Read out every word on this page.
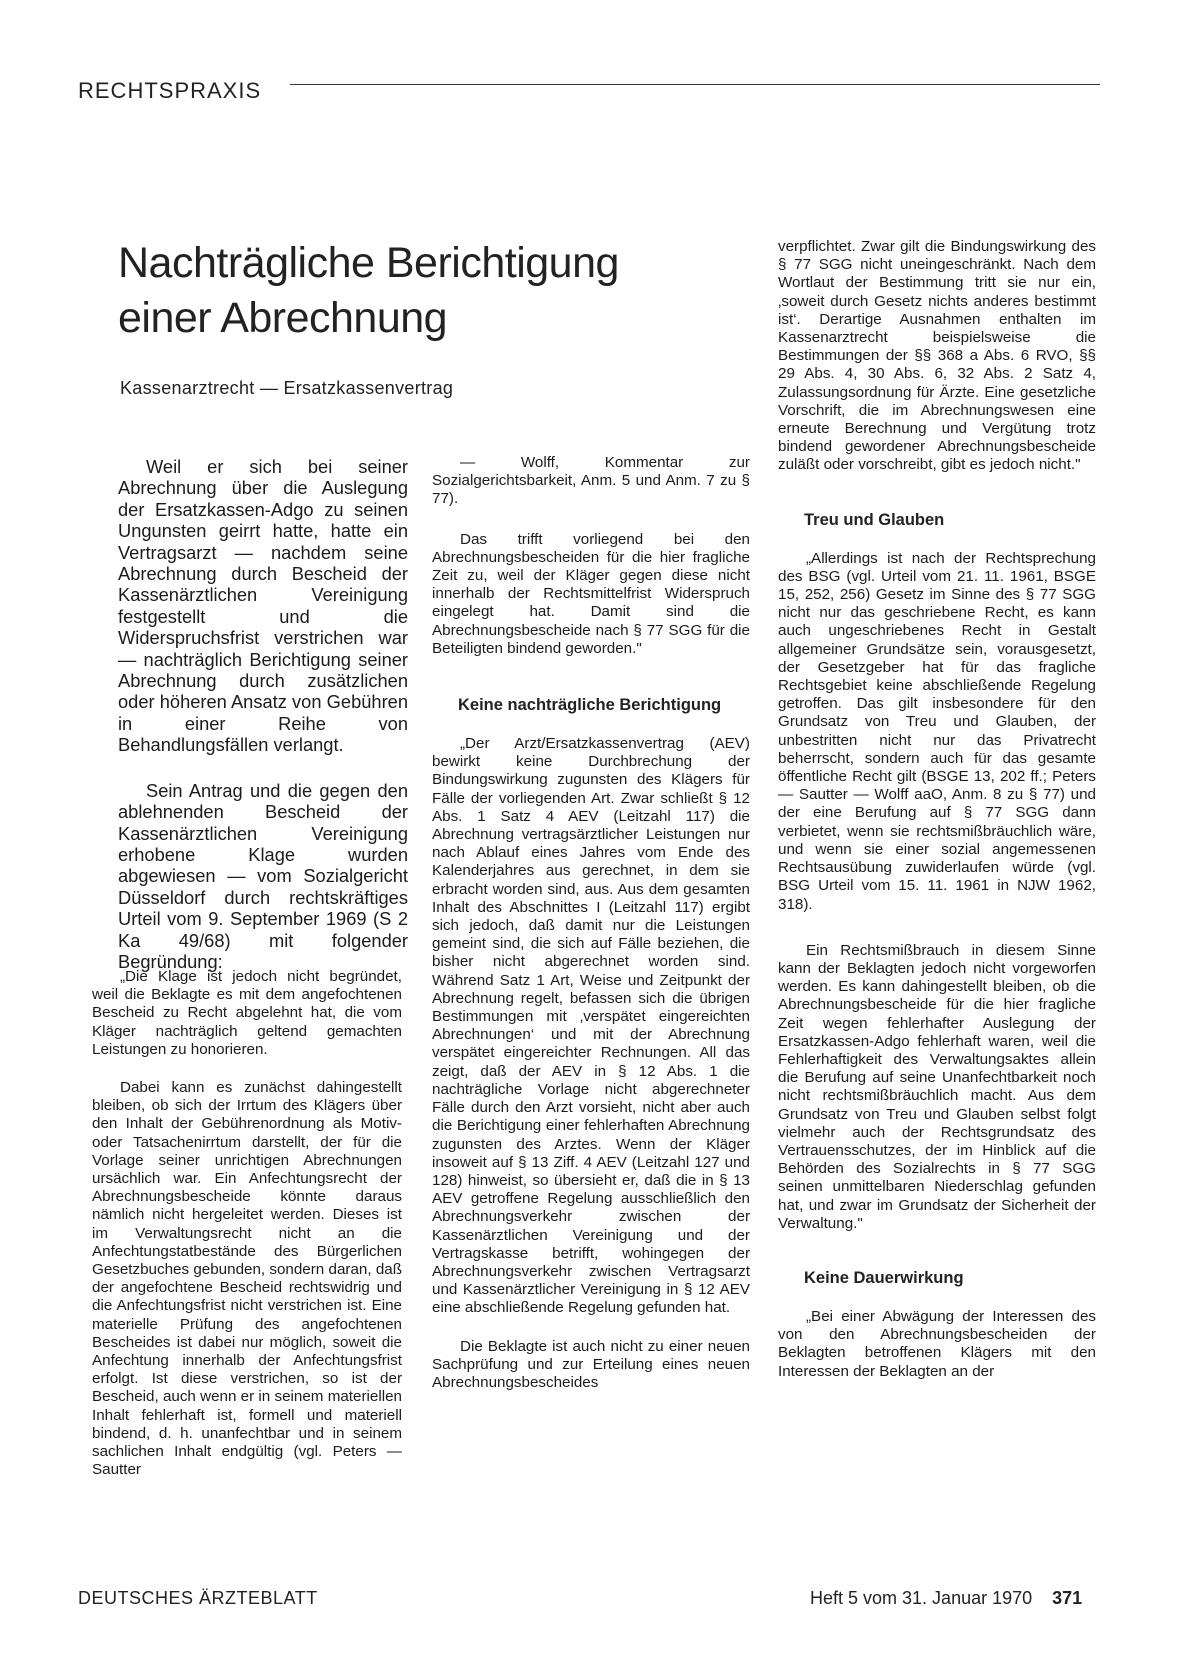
RECHTSPRAXIS
Nachträgliche Berichtigung
einer Abrechnung
Kassenarztrecht — Ersatzkassenvertrag

Weil er sich bei seiner Abrechnung über die Auslegung der Ersatzkassen-Adgo zu seinen Ungunsten geirrt hatte, hatte ein Vertragsarzt — nachdem seine Abrechnung durch Bescheid der Kassenärztlichen Vereinigung festgestellt und die Widerspruchsfrist verstrichen war — nachträglich Berichtigung seiner Abrechnung durch zusätzlichen oder höheren Ansatz von Gebühren in einer Reihe von Behandlungsfällen verlangt.

Sein Antrag und die gegen den ablehnenden Bescheid der Kassenärztlichen Vereinigung erhobene Klage wurden abgewiesen — vom Sozialgericht Düsseldorf durch rechtskräftiges Urteil vom 9. September 1969 (S 2 Ka 49/68) mit folgender Begründung:

„Die Klage ist jedoch nicht begründet, weil die Beklagte es mit dem angefochtenen Bescheid zu Recht abgelehnt hat, die vom Kläger nachträglich geltend gemachten Leistungen zu honorieren.

Dabei kann es zunächst dahingestellt bleiben, ob sich der Irrtum des Klägers über den Inhalt der Gebührenordnung als Motiv- oder Tatsachenirrtum darstellt, der für die Vorlage seiner unrichtigen Abrechnungen ursächlich war. Ein Anfechtungsrecht der Abrechnungsbescheide könnte daraus nämlich nicht hergeleitet werden. Dieses ist im Verwaltungsrecht nicht an die Anfechtungstatbestände des Bürgerlichen Gesetzbuches gebunden, sondern daran, daß der angefochtene Bescheid rechtswidrig und die Anfechtungsfrist nicht verstrichen ist. Eine materielle Prüfung des angefochtenen Bescheides ist dabei nur möglich, soweit die Anfechtung innerhalb der Anfechtungsfrist erfolgt. Ist diese verstrichen, so ist der Bescheid, auch wenn er in seinem materiellen Inhalt fehlerhaft ist, formell und materiell bindend, d. h. unanfechtbar und in seinem sachlichen Inhalt endgültig (vgl. Peters — Sautter

— Wolff, Kommentar zur Sozialgerichtsbarkeit, Anm. 5 und Anm. 7 zu § 77).

Das trifft vorliegend bei den Abrechnungsbescheiden für die hier fragliche Zeit zu, weil der Kläger gegen diese nicht innerhalb der Rechtsmittelfrist Widerspruch eingelegt hat. Damit sind die Abrechnungsbescheide nach § 77 SGG für die Beteiligten bindend geworden."

Keine nachträgliche Berichtigung

„Der Arzt/Ersatzkassenvertrag (AEV) bewirkt keine Durchbrechung der Bindungswirkung zugunsten des Klägers für Fälle der vorliegenden Art. Zwar schließt § 12 Abs. 1 Satz 4 AEV (Leitzahl 117) die Abrechnung vertragsärztlicher Leistungen nur nach Ablauf eines Jahres vom Ende des Kalenderjahres aus gerechnet, in dem sie erbracht worden sind, aus. Aus dem gesamten Inhalt des Abschnittes I (Leitzahl 117) ergibt sich jedoch, daß damit nur die Leistungen gemeint sind, die sich auf Fälle beziehen, die bisher nicht abgerechnet worden sind. Während Satz 1 Art, Weise und Zeitpunkt der Abrechnung regelt, befassen sich die übrigen Bestimmungen mit ‚verspätet eingereichten Abrechnungen‘ und mit der Abrechnung verspätet eingereichter Rechnungen. All das zeigt, daß der AEV in § 12 Abs. 1 die nachträgliche Vorlage nicht abgerechneter Fälle durch den Arzt vorsieht, nicht aber auch die Berichtigung einer fehlerhaften Abrechnung zugunsten des Arztes. Wenn der Kläger insoweit auf § 13 Ziff. 4 AEV (Leitzahl 127 und 128) hinweist, so übersieht er, daß die in § 13 AEV getroffene Regelung ausschließlich den Abrechnungsverkehr zwischen der Kassenärztlichen Vereinigung und der Vertragskasse betrifft, wohingegen der Abrechnungsverkehr zwischen Vertragsarzt und Kassenärztlicher Vereinigung in § 12 AEV eine abschließende Regelung gefunden hat.

Die Beklagte ist auch nicht zu einer neuen Sachprüfung und zur Erteilung eines neuen Abrechnungsbescheides

verpflichtet. Zwar gilt die Bindungswirkung des § 77 SGG nicht uneingeschränkt. Nach dem Wortlaut der Bestimmung tritt sie nur ein, ‚soweit durch Gesetz nichts anderes bestimmt ist‘. Derartige Ausnahmen enthalten im Kassenarztrecht beispielsweise die Bestimmungen der §§ 368 a Abs. 6 RVO, §§ 29 Abs. 4, 30 Abs. 6, 32 Abs. 2 Satz 4, Zulassungsordnung für Ärzte. Eine gesetzliche Vorschrift, die im Abrechnungswesen eine erneute Berechnung und Vergütung trotz bindend gewordener Abrechnungsbescheide zuläßt oder vorschreibt, gibt es jedoch nicht."

Treu und Glauben

„Allerdings ist nach der Rechtsprechung des BSG (vgl. Urteil vom 21. 11. 1961, BSGE 15, 252, 256) Gesetz im Sinne des § 77 SGG nicht nur das geschriebene Recht, es kann auch ungeschriebenes Recht in Gestalt allgemeiner Grundsätze sein, vorausgesetzt, der Gesetzgeber hat für das fragliche Rechtsgebiet keine abschließende Regelung getroffen. Das gilt insbesondere für den Grundsatz von Treu und Glauben, der unbestritten nicht nur das Privatrecht beherrscht, sondern auch für das gesamte öffentliche Recht gilt (BSGE 13, 202 ff.; Peters — Sautter — Wolff aaO, Anm. 8 zu § 77) und der eine Berufung auf § 77 SGG dann verbietet, wenn sie rechtsmißbräuchlich wäre, und wenn sie einer sozial angemessenen Rechtsausübung zuwiderlaufen würde (vgl. BSG Urteil vom 15. 11. 1961 in NJW 1962, 318).

Ein Rechtsmißbrauch in diesem Sinne kann der Beklagten jedoch nicht vorgeworfen werden. Es kann dahingestellt bleiben, ob die Abrechnungsbescheide für die hier fragliche Zeit wegen fehlerhafter Auslegung der Ersatzkassen-Adgo fehlerhaft waren, weil die Fehlerhaftigkeit des Verwaltungsaktes allein die Berufung auf seine Unanfechtbarkeit noch nicht rechtsmißbräuchlich macht. Aus dem Grundsatz von Treu und Glauben selbst folgt vielmehr auch der Rechtsgrundsatz des Vertrauensschutzes, der im Hinblick auf die Behörden des Sozialrechts in § 77 SGG seinen unmittelbaren Niederschlag gefunden hat, und zwar im Grundsatz der Sicherheit der Verwaltung."

Keine Dauerwirkung

„Bei einer Abwägung der Interessen des von den Abrechnungsbescheiden der Beklagten betroffenen Klägers mit den Interessen der Beklagten an der

DEUTSCHES ÄRZTEBLATT	Heft 5 vom 31. Januar 1970 371
